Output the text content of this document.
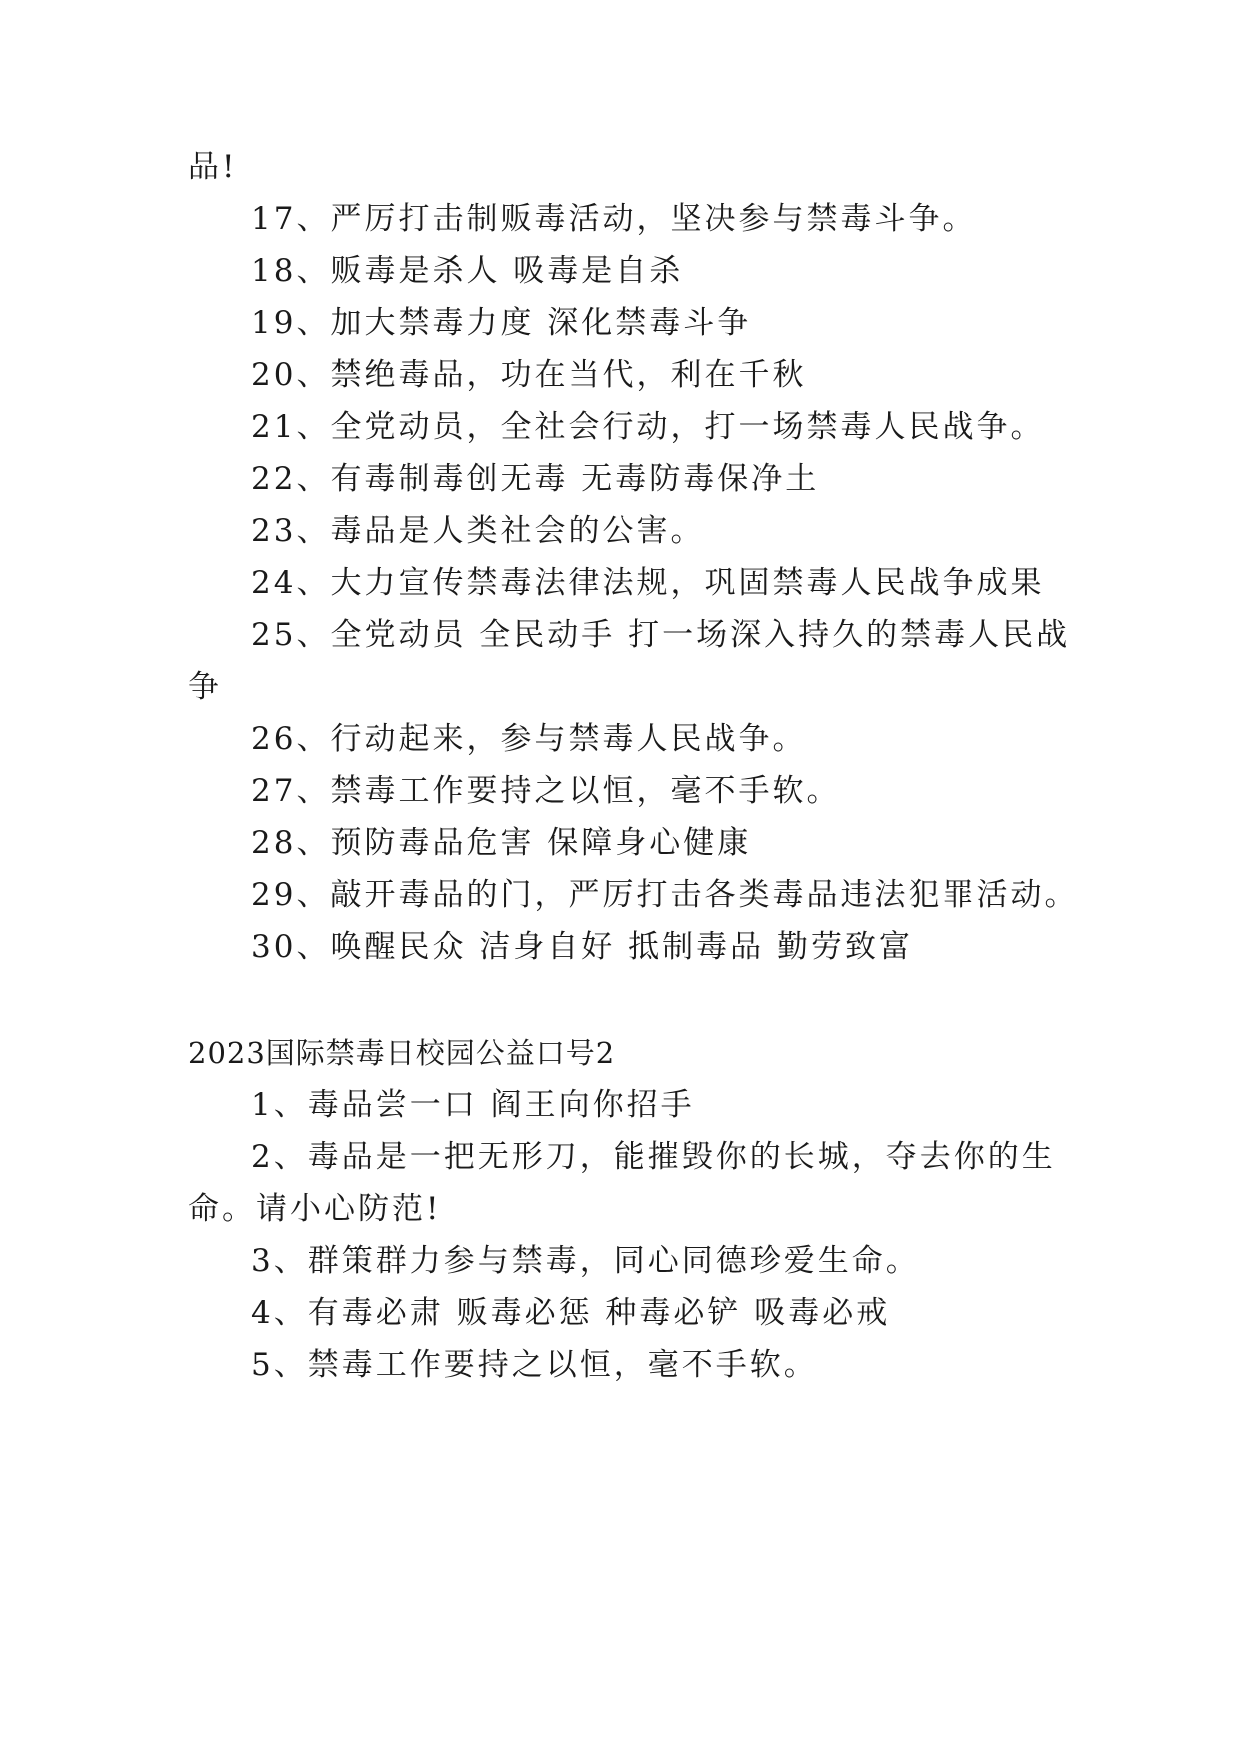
品!
17、严厉打击制贩毒活动，坚决参与禁毒斗争。
18、贩毒是杀人 吸毒是自杀
19、加大禁毒力度 深化禁毒斗争
20、禁绝毒品，功在当代，利在千秋
21、全党动员，全社会行动，打一场禁毒人民战争。
22、有毒制毒创无毒 无毒防毒保净土
23、毒品是人类社会的公害。
24、大力宣传禁毒法律法规，巩固禁毒人民战争成果
25、全党动员 全民动手 打一场深入持久的禁毒人民战
争
26、行动起来，参与禁毒人民战争。
27、禁毒工作要持之以恒，毫不手软。
28、预防毒品危害 保障身心健康
29、敲开毒品的门，严厉打击各类毒品违法犯罪活动。
30、唤醒民众 洁身自好 抵制毒品 勤劳致富
2023国际禁毒日校园公益口号2
1、毒品尝一口 阎王向你招手
2、毒品是一把无形刀，能摧毁你的长城，夺去你的生
命。请小心防范!
3、群策群力参与禁毒，同心同德珍爱生命。
4、有毒必肃 贩毒必惩 种毒必铲 吸毒必戒
5、禁毒工作要持之以恒，毫不手软。
